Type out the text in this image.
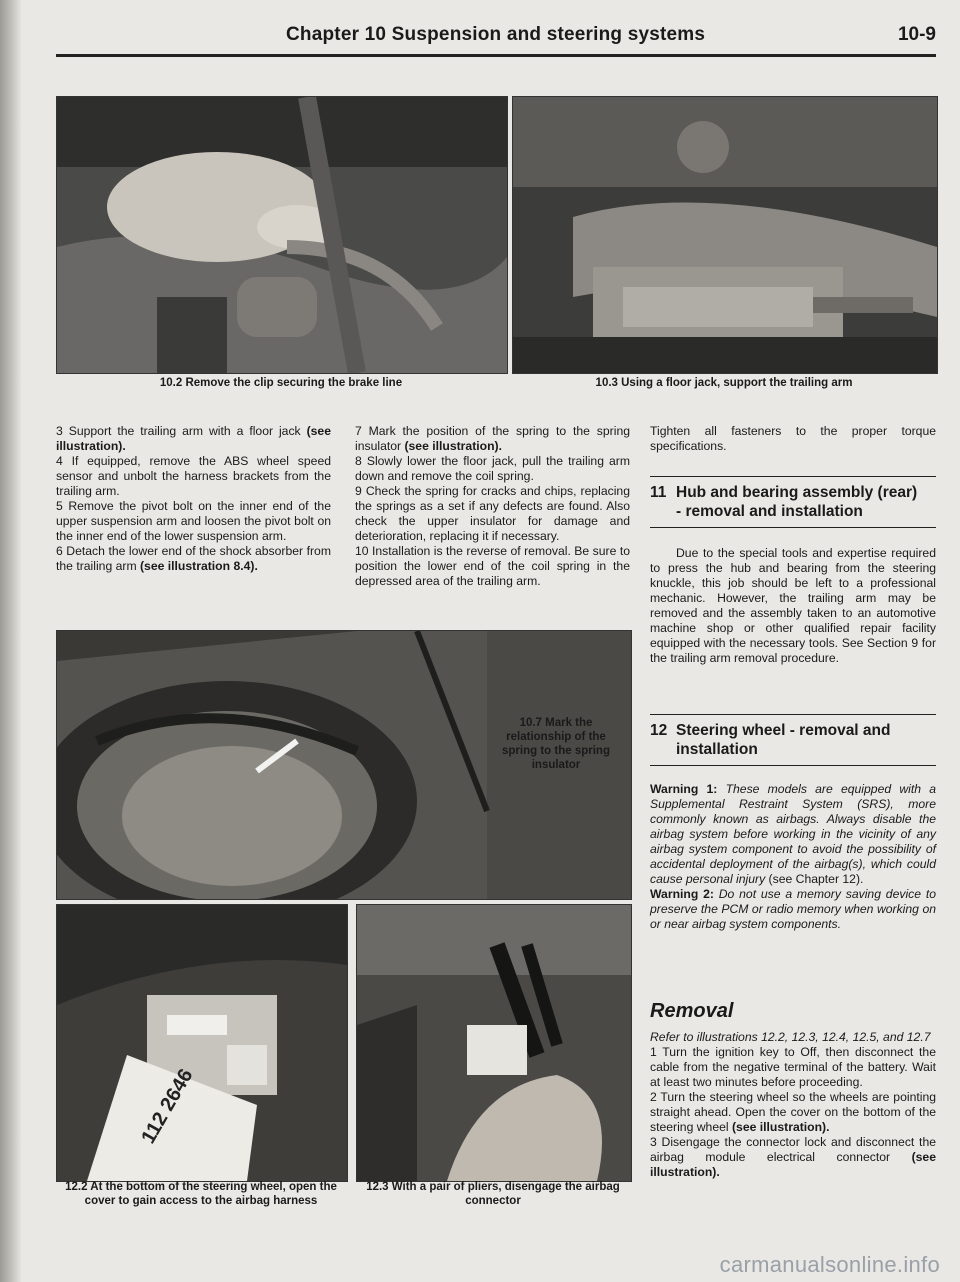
Chapter 10 Suspension and steering systems	10-9
10.2 Remove the clip securing the brake line	10.3 Using a floor jack, support the trailing arm

3 Support the trailing arm with a floor jack (see illustration).

4 If equipped, remove the ABS wheel speed sensor and unbolt the harness brackets from the trailing arm.

5 Remove the pivot bolt on the inner end of the upper suspension arm and loosen the pivot bolt on the inner end of the lower suspension arm.

6 Detach the lower end of the shock absorber from the trailing arm (see illustration 8.4).

7 Mark the position of the spring to the spring insulator (see illustration).

8 Slowly lower the floor jack, pull the trailing arm down and remove the coil spring.

9 Check the spring for cracks and chips, replacing the springs as a set if any defects are found. Also check the upper insulator for damage and deterioration, replacing it if necessary.

10 Installation is the reverse of removal. Be sure to position the lower end of the coil spring in the depressed area of the trailing arm.

10.7 Mark the relationship of the spring to the spring insulator
112 2646
12.2 At the bottom of the steering wheel, open the cover to gain access to the airbag harness
12.3 With a pair of pliers, disengage the airbag connector
Tighten all fasteners to the proper torque specifications.
11 Hub and bearing assembly (rear)
- removal and installation
Due to the special tools and expertise required to press the hub and bearing from the steering knuckle, this job should be left to a professional mechanic. However, the trailing arm may be removed and the assembly taken to an automotive machine shop or other qualified repair facility equipped with the necessary tools. See Section 9 for the trailing arm removal procedure.
12 Steering wheel - removal and
installation

Warning 1: These models are equipped with a Supplemental Restraint System (SRS), more commonly known as airbags. Always disable the airbag system before working in the vicinity of any airbag system component to avoid the possibility of accidental deployment of the airbag(s), which could cause personal injury (see Chapter 12).

Warning 2: Do not use a memory saving device to preserve the PCM or radio memory when working on or near airbag system components.

Removal

Refer to illustrations 12.2, 12.3, 12.4, 12.5, and 12.7

1 Turn the ignition key to Off, then disconnect the cable from the negative terminal of the battery. Wait at least two minutes before proceeding.

2 Turn the steering wheel so the wheels are pointing straight ahead. Open the cover on the bottom of the steering wheel (see illustration).

3 Disengage the connector lock and disconnect the airbag module electrical connector (see illustration).

carmanualsonline.info
